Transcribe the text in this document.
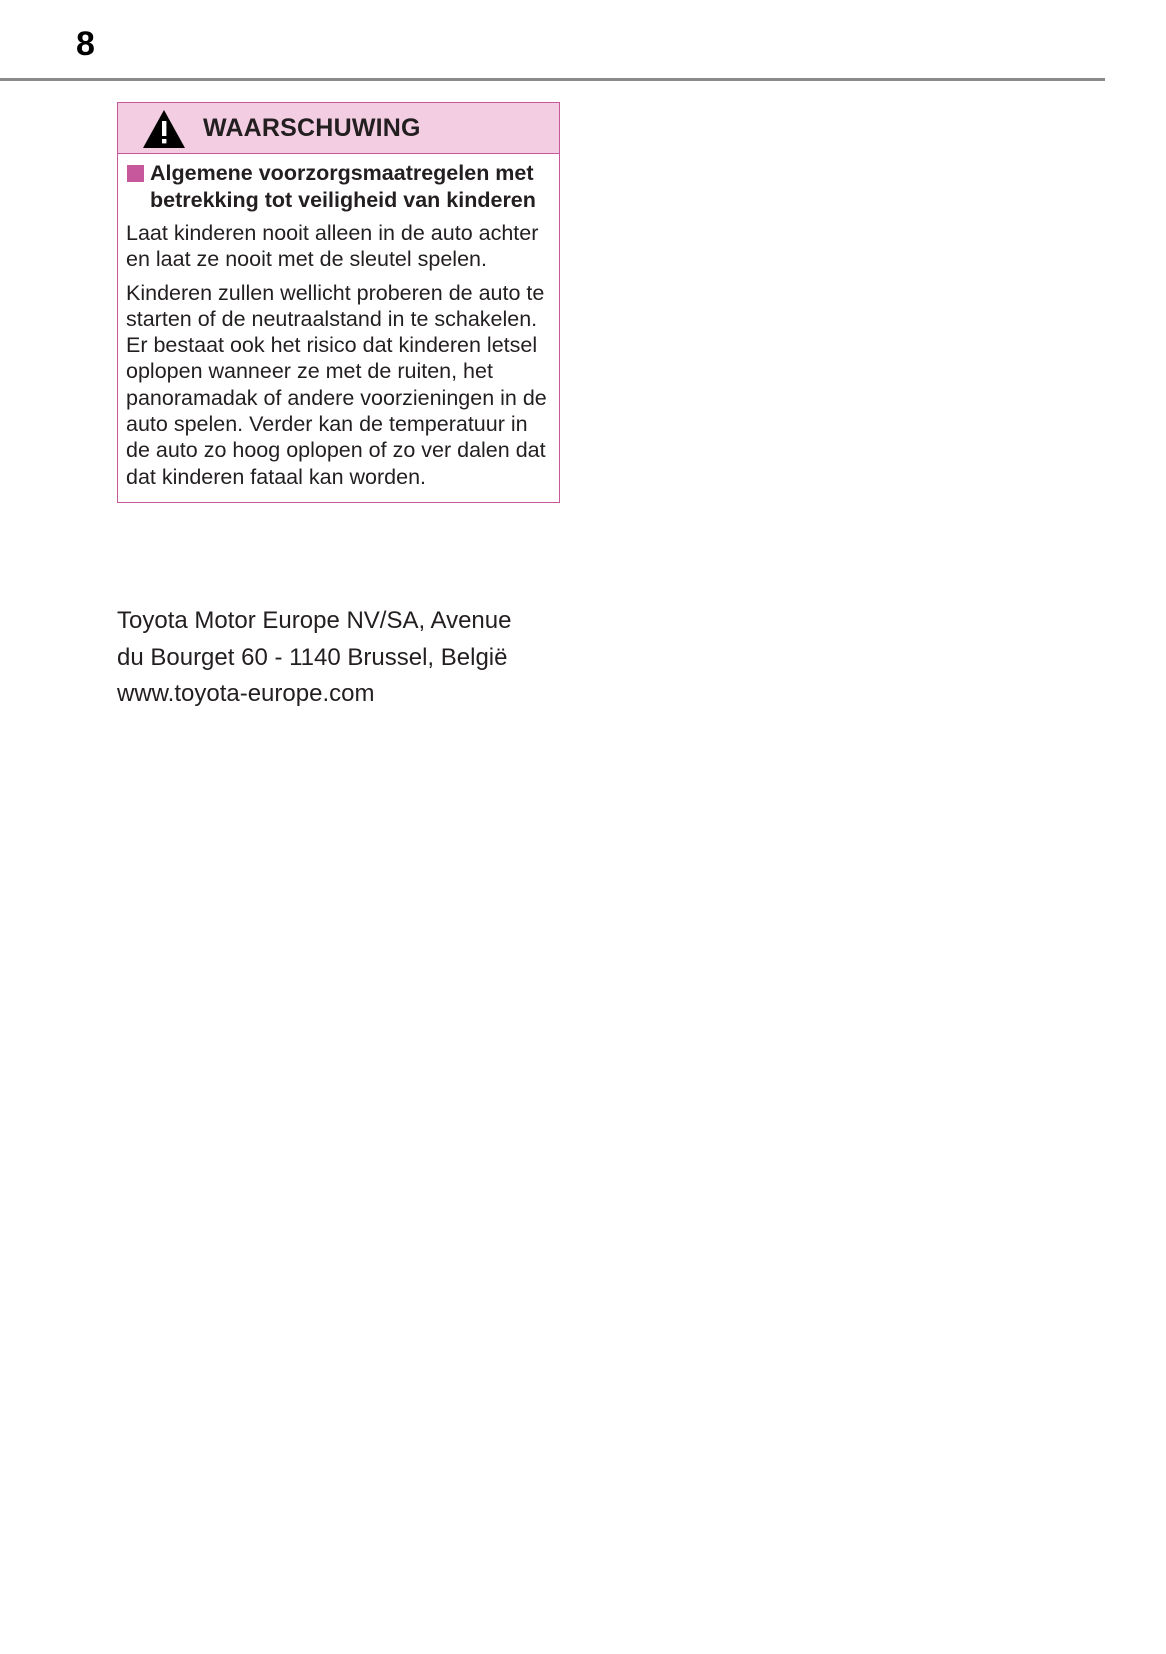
8
WAARSCHUWING
Algemene voorzorgsmaatregelen met betrekking tot veiligheid van kinderen
Laat kinderen nooit alleen in de auto achter en laat ze nooit met de sleutel spelen.
Kinderen zullen wellicht proberen de auto te starten of de neutraalstand in te schakelen. Er bestaat ook het risico dat kinderen letsel oplopen wanneer ze met de ruiten, het panoramadak of andere voorzieningen in de auto spelen. Verder kan de temperatuur in de auto zo hoog oplopen of zo ver dalen dat dat kinderen fataal kan worden.
Toyota Motor Europe NV/SA, Avenue
du Bourget 60 - 1140 Brussel, België
www.toyota-europe.com
